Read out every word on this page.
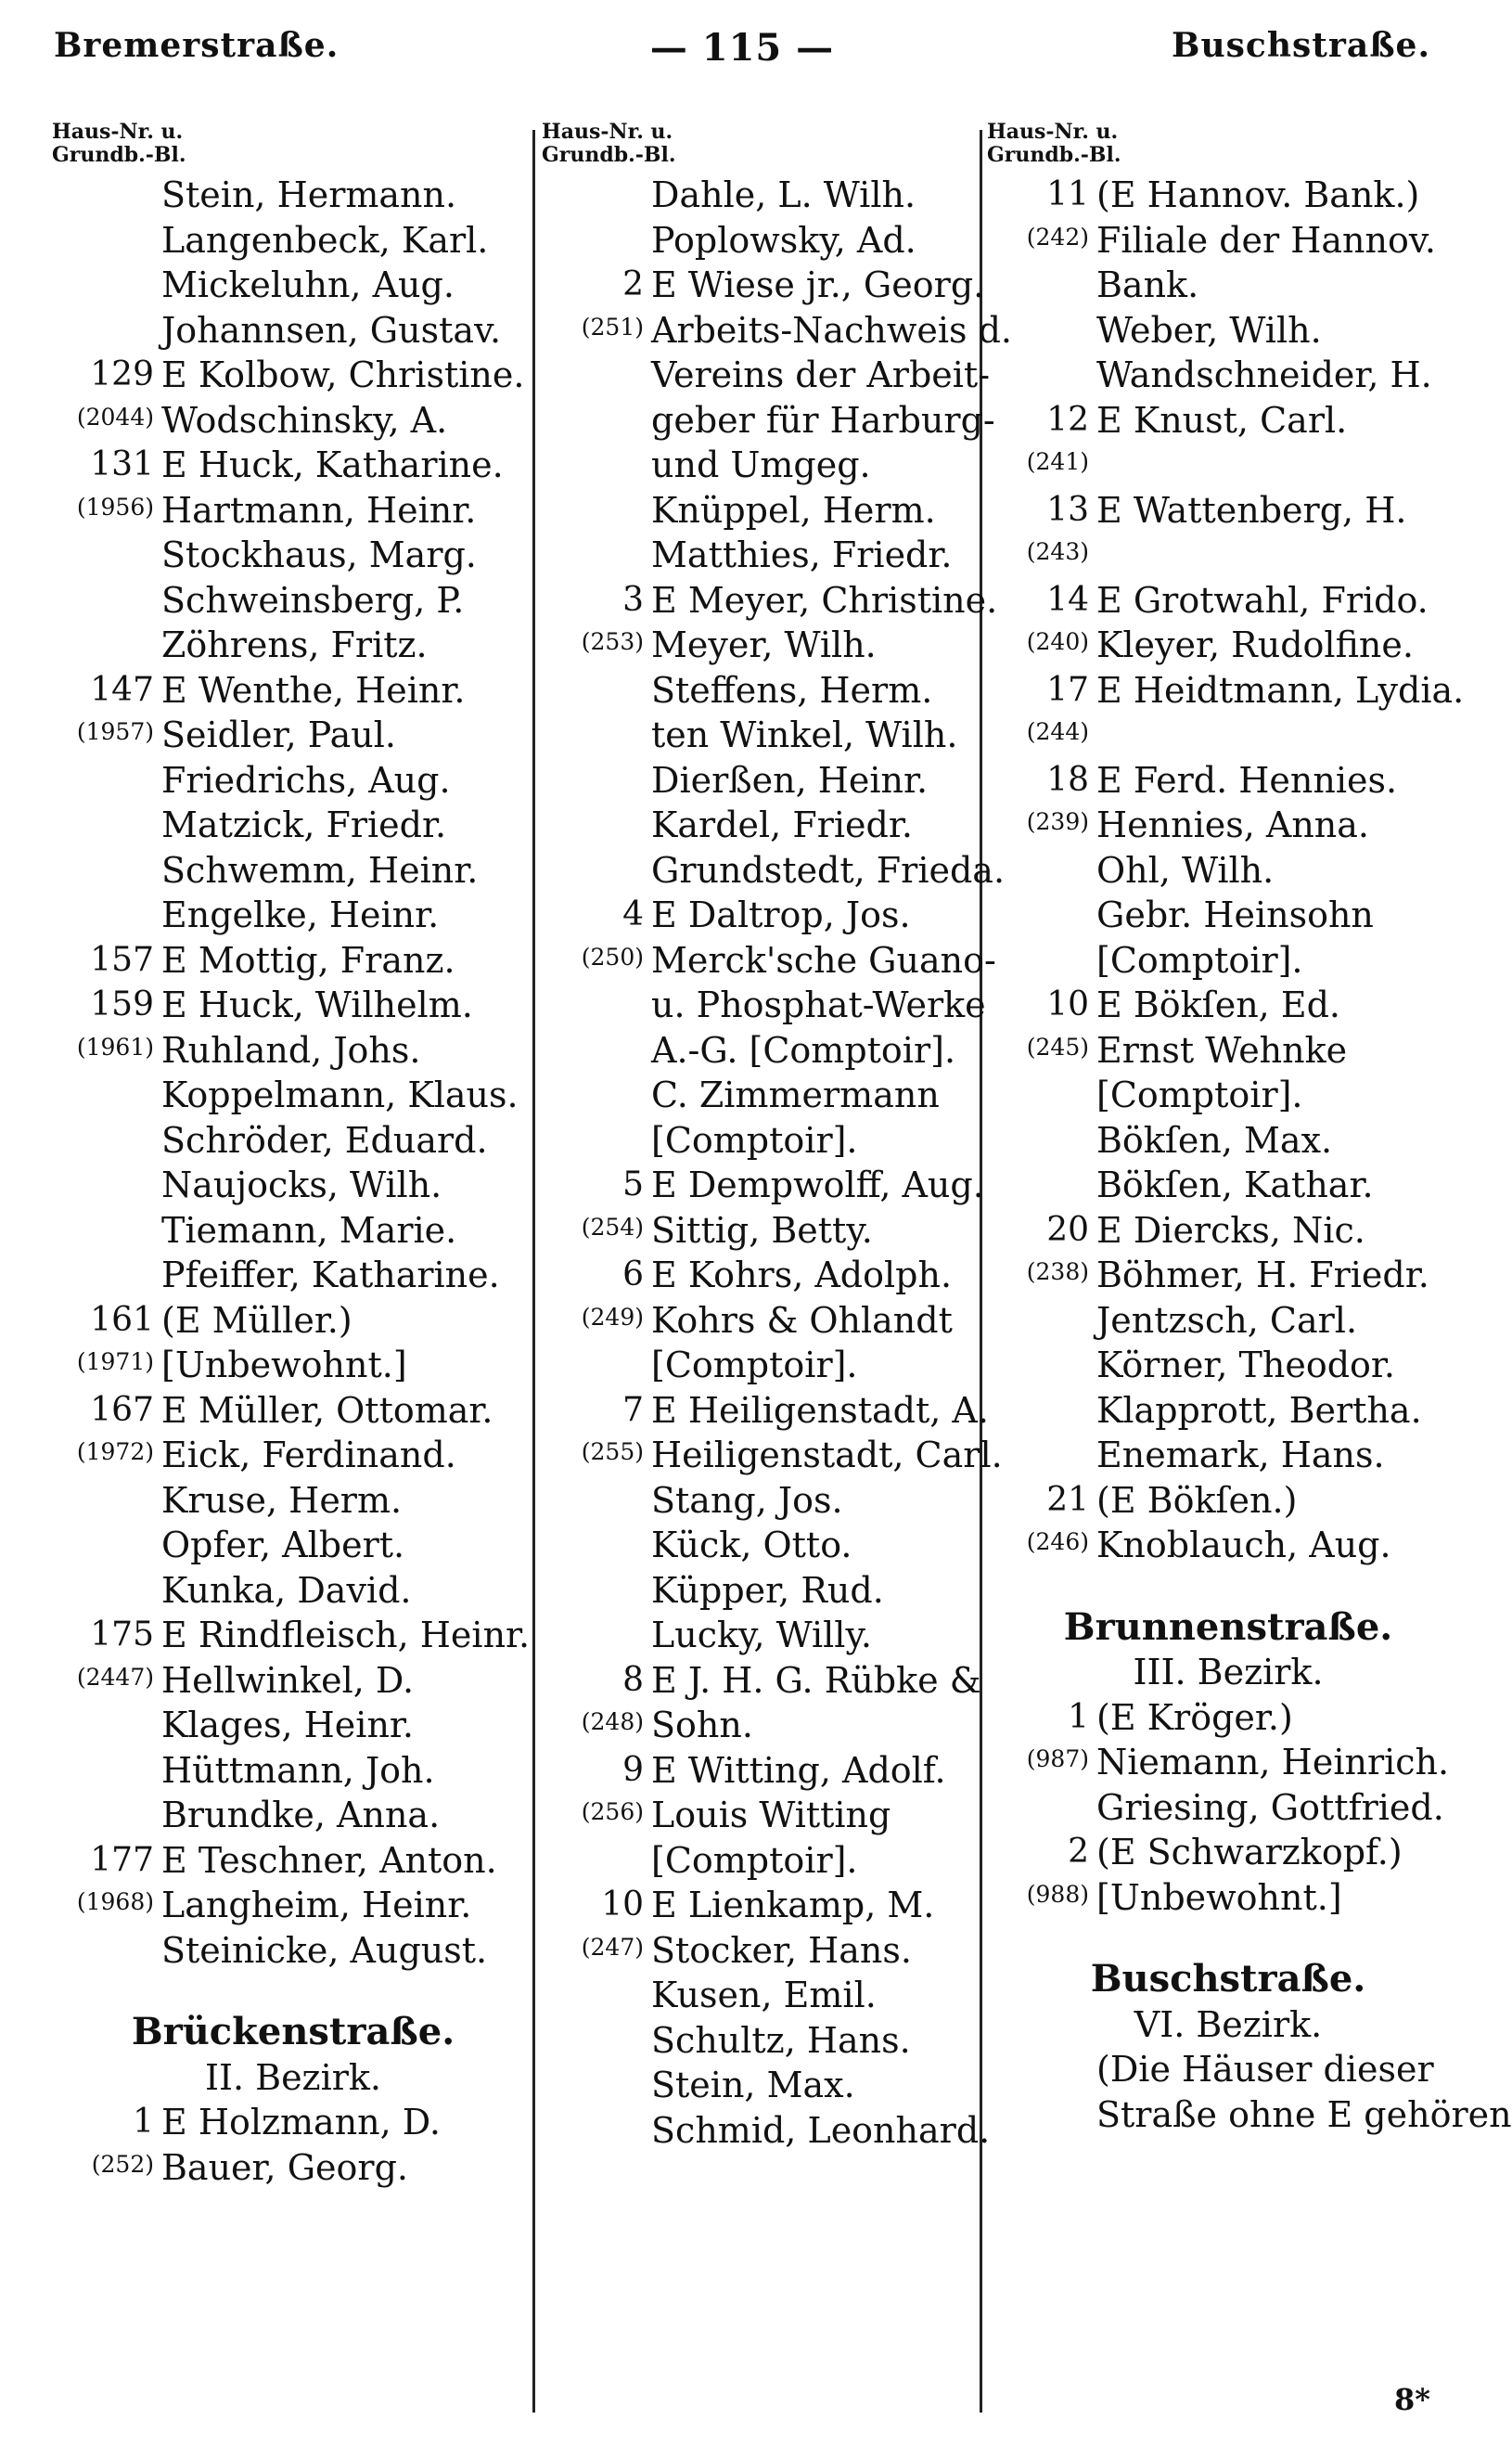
— 115 —
Bremerstraße.	Buschstraße.
Haus-Nr. u.
Grundb.-Bl.
Stein, Hermann.
Langenbeck, Karl.
Mickeluhn, Aug.
Johannsen, Gustav.
129 E Kolbow, Christine.
(2044) Wodschinsky, A.
131 E Huck, Katharine.
(1956) Hartmann, Heinr.
Stockhaus, Marg.
Schweinsberg, P.
Zöhrens, Fritz.
147 E Wenthe, Heinr.
(1957) Seidler, Paul.
Friedrichs, Aug.
Matzick, Friedr.
Schwemm, Heinr.
Engelke, Heinr.
157 E Mottig, Franz.
159 E Huck, Wilhelm.
(1961) Ruhland, Johs.
Koppelmann, Klaus.
Schröder, Eduard.
Naujocks, Wilh.
Tiemann, Marie.
Pfeiffer, Katharine.
161 (E Müller.)
(1971) [Unbewohnt.]
167 E Müller, Ottomar.
(1972) Eick, Ferdinand.
Kruse, Herm.
Opfer, Albert.
Kunka, David.
175 E Rindfleisch, Heinr.
(2447) Hellwinkel, D.
Klages, Heinr.
Hüttmann, Joh.
Brundke, Anna.
177 E Teschner, Anton.
(1968) Langheim, Heinr.
Steinicke, August.
Brückenstraße.
II. Bezirk.
1 E Holzmann, D.
(252) Bauer, Georg.
Haus-Nr. u.
Grundb.-Bl.
Dahle, L. Wilh.
Poplowsky, Ad.
2 E Wiese jr., Georg.
(251) Arbeits-Nachweis d.
Vereins der Arbeit-
geber für Harburg-
und Umgeg.
Knüppel, Herm.
Matthies, Friedr.
3 E Meyer, Christine.
(253) Meyer, Wilh.
Steffens, Herm.
ten Winkel, Wilh.
Dierßen, Heinr.
Kardel, Friedr.
Grundstedt, Frieda.
4 E Daltrop, Jos.
(250) Merck'sche Guano-
u. Phosphat-Werke
A.-G. [Comptoir].
C. Zimmermann
[Comptoir].
5 E Dempwolff, Aug.
(254) Sittig, Betty.
6 E Kohrs, Adolph.
(249) Kohrs & Ohlandt
[Comptoir].
7 E Heiligenstadt, A.
(255) Heiligenstadt, Carl.
Stang, Jos.
Kück, Otto.
Küpper, Rud.
Lucky, Willy.
8 E J. H. G. Rübke &
(248) Sohn.
9 E Witting, Adolf.
(256) Louis Witting
[Comptoir].
10 E Lienkamp, M.
(247) Stocker, Hans.
Kusen, Emil.
Schultz, Hans.
Stein, Max.
Schmid, Leonhard.
Haus-Nr. u.
Grundb.-Bl.
11 (E Hannov. Bank.)
(242) Filiale der Hannov.
Bank.
Weber, Wilh.
Wandschneider, H.
12 E Knust, Carl.
(241)
13 E Wattenberg, H.
(243)
14 E Grotwahl, Frido.
(240) Kleyer, Rudolfine.
17 E Heidtmann, Lydia.
(244)
18 E Ferd. Hennies.
(239) Hennies, Anna.
Ohl, Wilh.
Gebr. Heinsohn
[Comptoir].
10 E Bökſen, Ed.
(245) Ernst Wehnke
[Comptoir].
Bökſen, Max.
Bökſen, Kathar.
20 E Diercks, Nic.
(238) Böhmer, H. Friedr.
Jentzsch, Carl.
Körner, Theodor.
Klapprott, Bertha.
Enemark, Hans.
21 (E Bökſen.)
(246) Knoblauch, Aug.
Brunnenstraße.
III. Bezirk.
1 (E Kröger.)
(987) Niemann, Heinrich.
Griesing, Gottfried.
2 (E Schwarzkopf.)
(988) [Unbewohnt.]
Buschstraße.
VI. Bezirk.
(Die Häuser dieser
Straße ohne E gehören
8*
